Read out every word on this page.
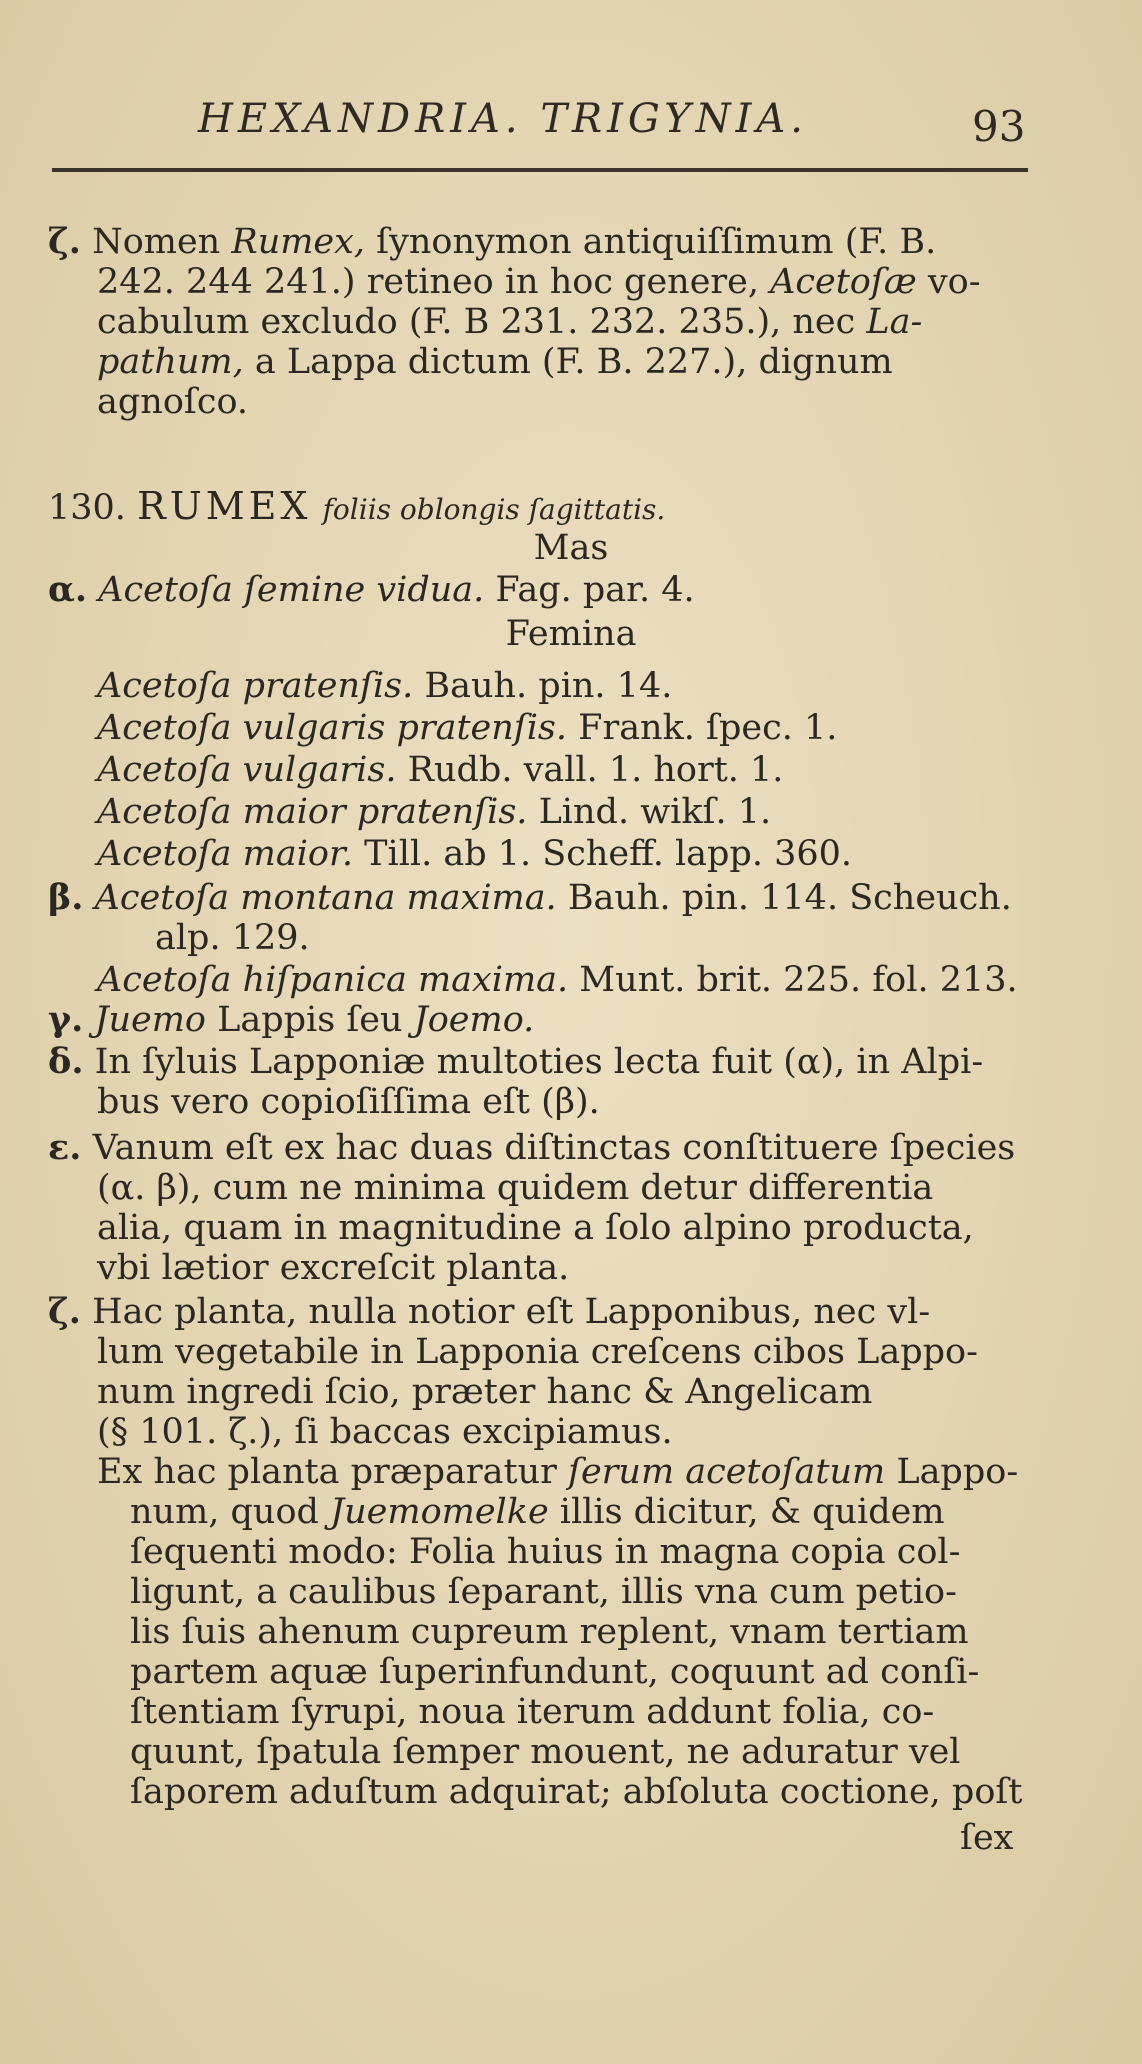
HEXANDRIA. TRIGYNIA.	93
ζ. Nomen Rumex, ſynonymon antiquiſſimum (F. B.
242. 244 241.) retineo in hoc genere, Acetoſæ vo-
cabulum excludo (F. B 231. 232. 235.), nec La-
pathum, a Lappa dictum (F. B. 227.), dignum
agnoſco.
130. RUMEX foliis oblongis ſagittatis.
Mas
α. Acetoſa ſemine vidua. Fag. par. 4.
Femina
Acetoſa pratenſis. Bauh. pin. 14.
Acetoſa vulgaris pratenſis. Frank. ſpec. 1.
Acetoſa vulgaris. Rudb. vall. 1. hort. 1.
Acetoſa maior pratenſis. Lind. wikſ. 1.
Acetoſa maior. Till. ab 1. Scheff. lapp. 360.
β. Acetoſa montana maxima. Bauh. pin. 114. Scheuch.
alp. 129.
Acetoſa hiſpanica maxima. Munt. brit. 225. fol. 213.
γ. Juemo Lappis ſeu Joemo.
δ. In ſyluis Lapponiæ multoties lecta fuit (α), in Alpi-
bus vero copioſiſſima eſt (β).
ε. Vanum eſt ex hac duas diſtinctas conſtituere ſpecies
(α. β), cum ne minima quidem detur differentia
alia, quam in magnitudine a ſolo alpino producta,
vbi lætior excreſcit planta.
ζ. Hac planta, nulla notior eſt Lapponibus, nec vl-
lum vegetabile in Lapponia creſcens cibos Lappo-
num ingredi ſcio, præter hanc & Angelicam
(§ 101. ζ.), ſi baccas excipiamus.
Ex hac planta præparatur ſerum acetoſatum Lappo-
num, quod Juemomelke illis dicitur, & quidem
ſequenti modo: Folia huius in magna copia col-
ligunt, a caulibus ſeparant, illis vna cum petio-
lis ſuis ahenum cupreum replent, vnam tertiam
partem aquæ ſuperinfundunt, coquunt ad conſi-
ſtentiam ſyrupi, noua iterum addunt folia, co-
quunt, ſpatula ſemper mouent, ne aduratur vel
ſaporem aduſtum adquirat; abſoluta coctione, poſt
ſex
